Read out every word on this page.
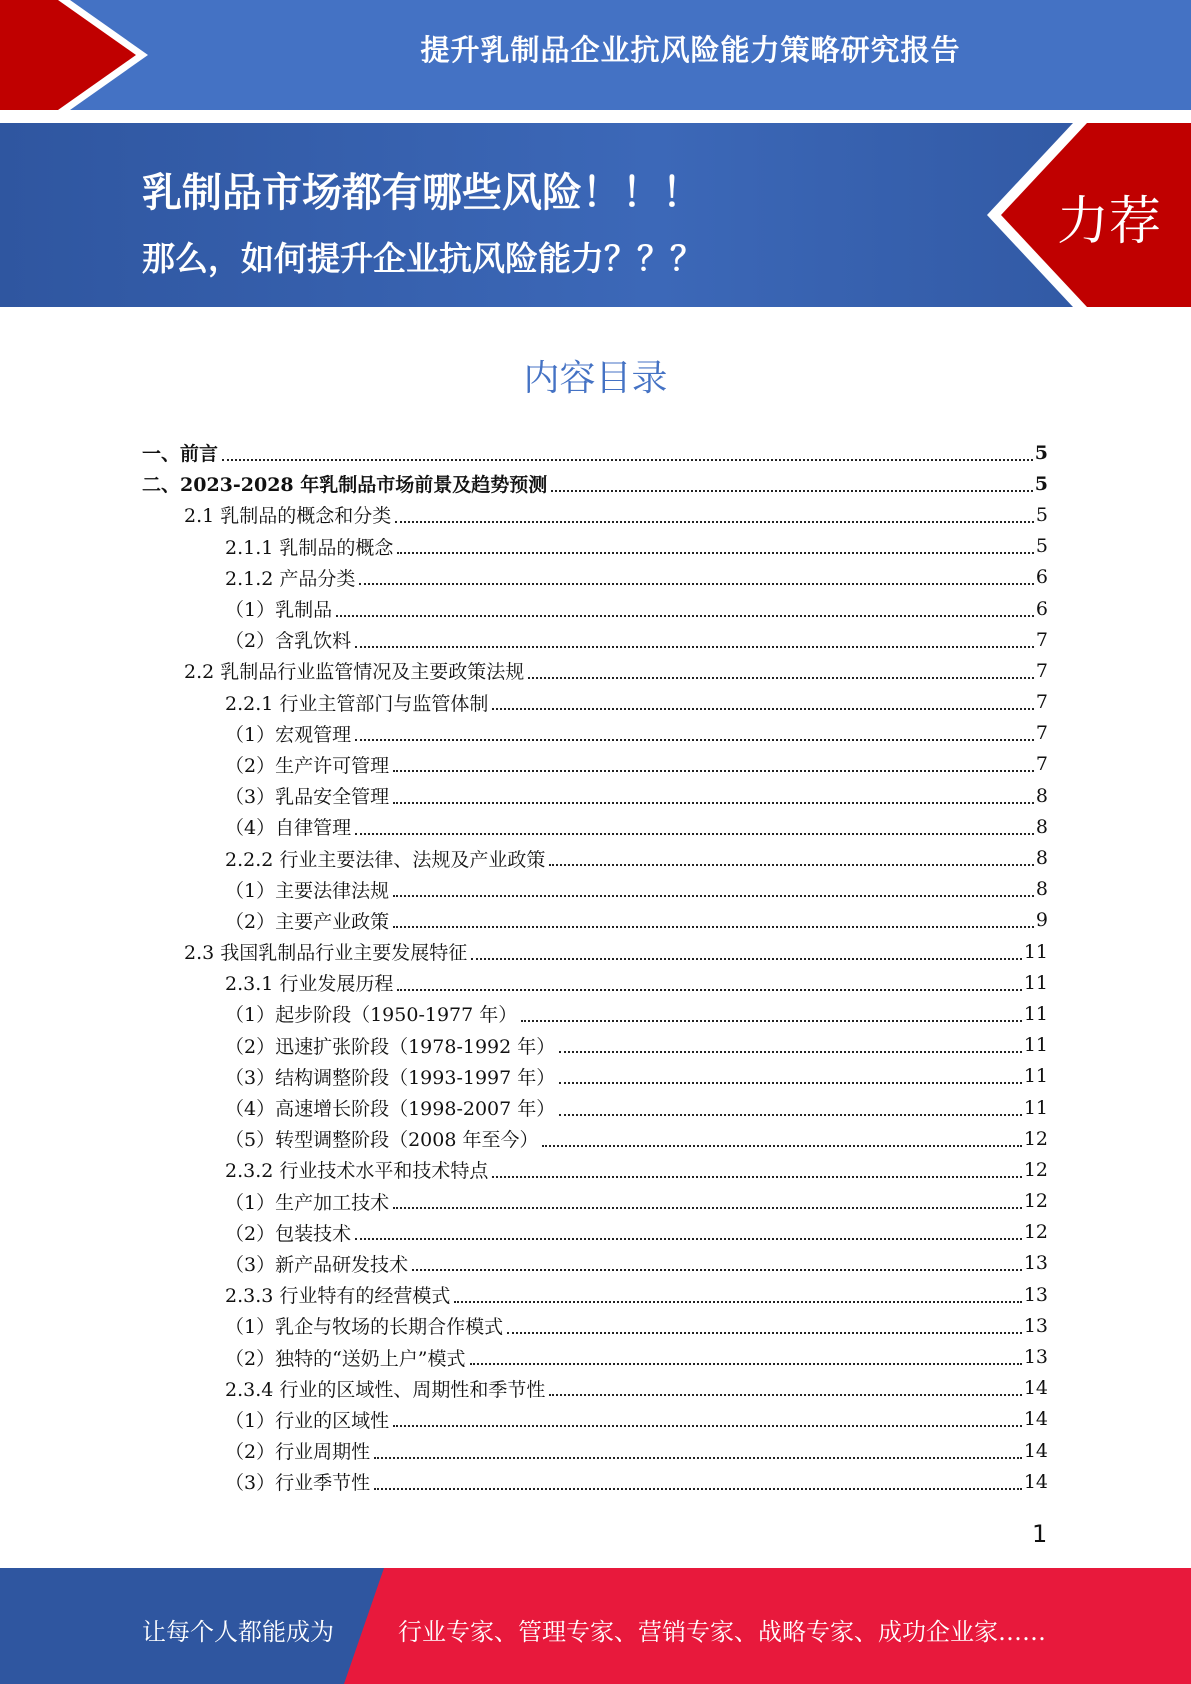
提升乳制品企业抗风险能力策略研究报告
乳制品市场都有哪些风险！！！
那么，如何提升企业抗风险能力？？？
力荐
内容目录
一、前言	5
二、2023-2028 年乳制品市场前景及趋势预测	5
2.1 乳制品的概念和分类	5
2.1.1 乳制品的概念	5
2.1.2 产品分类	6
（1）乳制品	6
（2）含乳饮料	7
2.2 乳制品行业监管情况及主要政策法规	7
2.2.1 行业主管部门与监管体制	7
（1）宏观管理	7
（2）生产许可管理	7
（3）乳品安全管理	8
（4）自律管理	8
2.2.2 行业主要法律、法规及产业政策	8
（1）主要法律法规	8
（2）主要产业政策	9
2.3 我国乳制品行业主要发展特征	11
2.3.1 行业发展历程	11
（1）起步阶段（1950-1977 年）	11
（2）迅速扩张阶段（1978-1992 年）	11
（3）结构调整阶段（1993-1997 年）	11
（4）高速增长阶段（1998-2007 年）	11
（5）转型调整阶段（2008 年至今）	12
2.3.2 行业技术水平和技术特点	12
（1）生产加工技术	12
（2）包装技术	12
（3）新产品研发技术	13
2.3.3 行业特有的经营模式	13
（1）乳企与牧场的长期合作模式	13
（2）独特的“送奶上户”模式	13
2.3.4 行业的区域性、周期性和季节性	14
（1）行业的区域性	14
（2）行业周期性	14
（3）行业季节性	14
1
让每个人都能成为	行业专家、管理专家、营销专家、战略专家、成功企业家……
